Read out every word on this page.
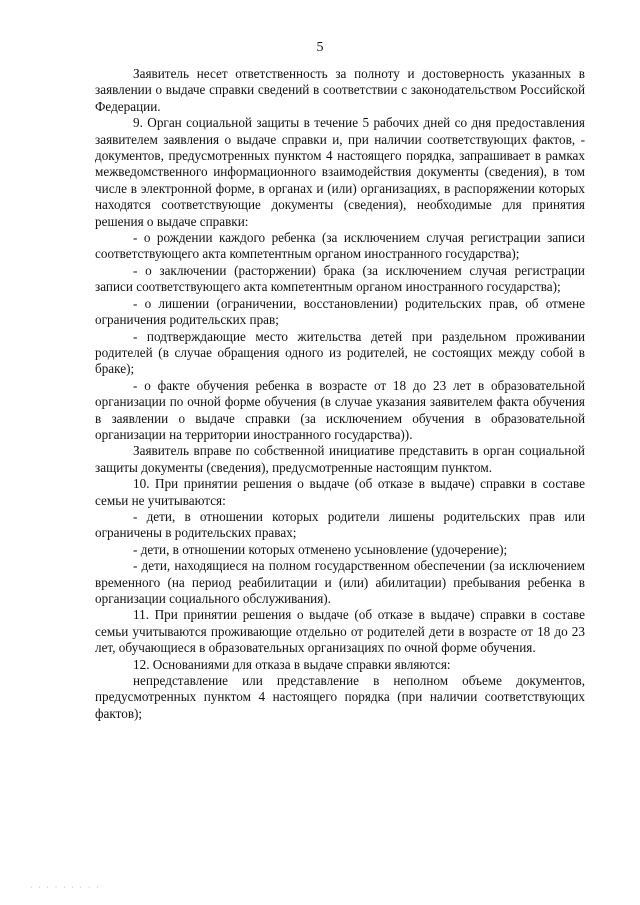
5

Заявитель несет ответственность за полноту и достоверность указанных в заявлении о выдаче справки сведений в соответствии с законодательством Российской Федерации.

9. Орган социальной защиты в течение 5 рабочих дней со дня предоставления заявителем заявления о выдаче справки и, при наличии соответствующих фактов, - документов, предусмотренных пунктом 4 настоящего порядка, запрашивает в рамках межведомственного информационного взаимодействия документы (сведения), в том числе в электронной форме, в органах и (или) организациях, в распоряжении которых находятся соответствующие документы (сведения), необходимые для принятия решения о выдаче справки:

- о рождении каждого ребенка (за исключением случая регистрации записи соответствующего акта компетентным органом иностранного государства);

- о заключении (расторжении) брака (за исключением случая регистрации записи соответствующего акта компетентным органом иностранного государства);

- о лишении (ограничении, восстановлении) родительских прав, об отмене ограничения родительских прав;

- подтверждающие место жительства детей при раздельном проживании родителей (в случае обращения одного из родителей, не состоящих между собой в браке);

- о факте обучения ребенка в возрасте от 18 до 23 лет в образовательной организации по очной форме обучения (в случае указания заявителем факта обучения в заявлении о выдаче справки (за исключением обучения в образовательной организации на территории иностранного государства)).

Заявитель вправе по собственной инициативе представить в орган социальной защиты документы (сведения), предусмотренные настоящим пунктом.

10. При принятии решения о выдаче (об отказе в выдаче) справки в составе семьи не учитываются:

- дети, в отношении которых родители лишены родительских прав или ограничены в родительских правах;

- дети, в отношении которых отменено усыновление (удочерение);

- дети, находящиеся на полном государственном обеспечении (за исключением временного (на период реабилитации и (или) абилитации) пребывания ребенка в организации социального обслуживания).

11. При принятии решения о выдаче (об отказе в выдаче) справки в составе семьи учитываются проживающие отдельно от родителей дети в возрасте от 18 до 23 лет, обучающиеся в образовательных организациях по очной форме обучения.

12. Основаниями для отказа в выдаче справки являются:

непредставление или представление в неполном объеме документов, предусмотренных пунктом 4 настоящего порядка (при наличии соответствующих фактов);

· · · · · · · · ·
